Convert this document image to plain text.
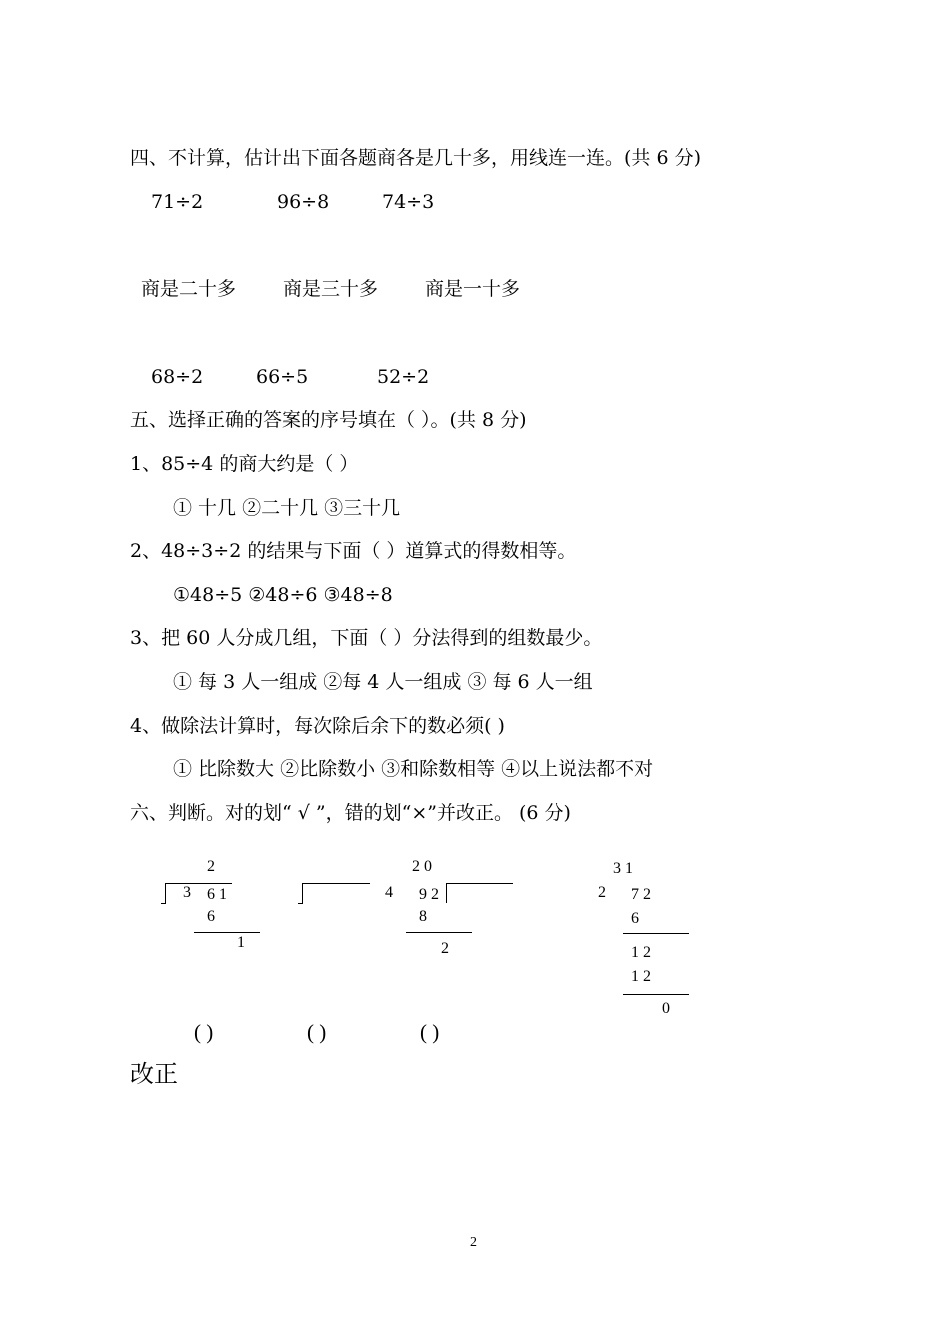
四、不计算，估计出下面各题商各是几十多，用线连一连。(共 6 分)
71÷2	96÷8	74÷3
商是二十多 商是三十多 商是一十多
68÷2	66÷5	52÷2
五、选择正确的答案的序号填在（ ）。(共 8 分)
1、85÷4 的商大约是（ ）
① 十几 ②二十几 ③三十几
2、48÷3÷2 的结果与下面（ ）道算式的得数相等。
①48÷5 ②48÷6 ③48÷8
3、把 60 人分成几组，下面（ ）分法得到的组数最少。
① 每 3 人一组成 ②每 4 人一组成 ③ 每 6 人一组
4、做除法计算时，每次除后余下的数必须( )
① 比除数大 ②比除数小 ③和除数相等 ④以上说法都不对
六、判断。对的划“ √ ”，错的划“×”并改正。 (6 分)
2
3 6 1
6
1
2 0
4 9 2
8
2
3 1
2 7 2
6
1 2
1 2
0
( )	( )	( )
改正
2
